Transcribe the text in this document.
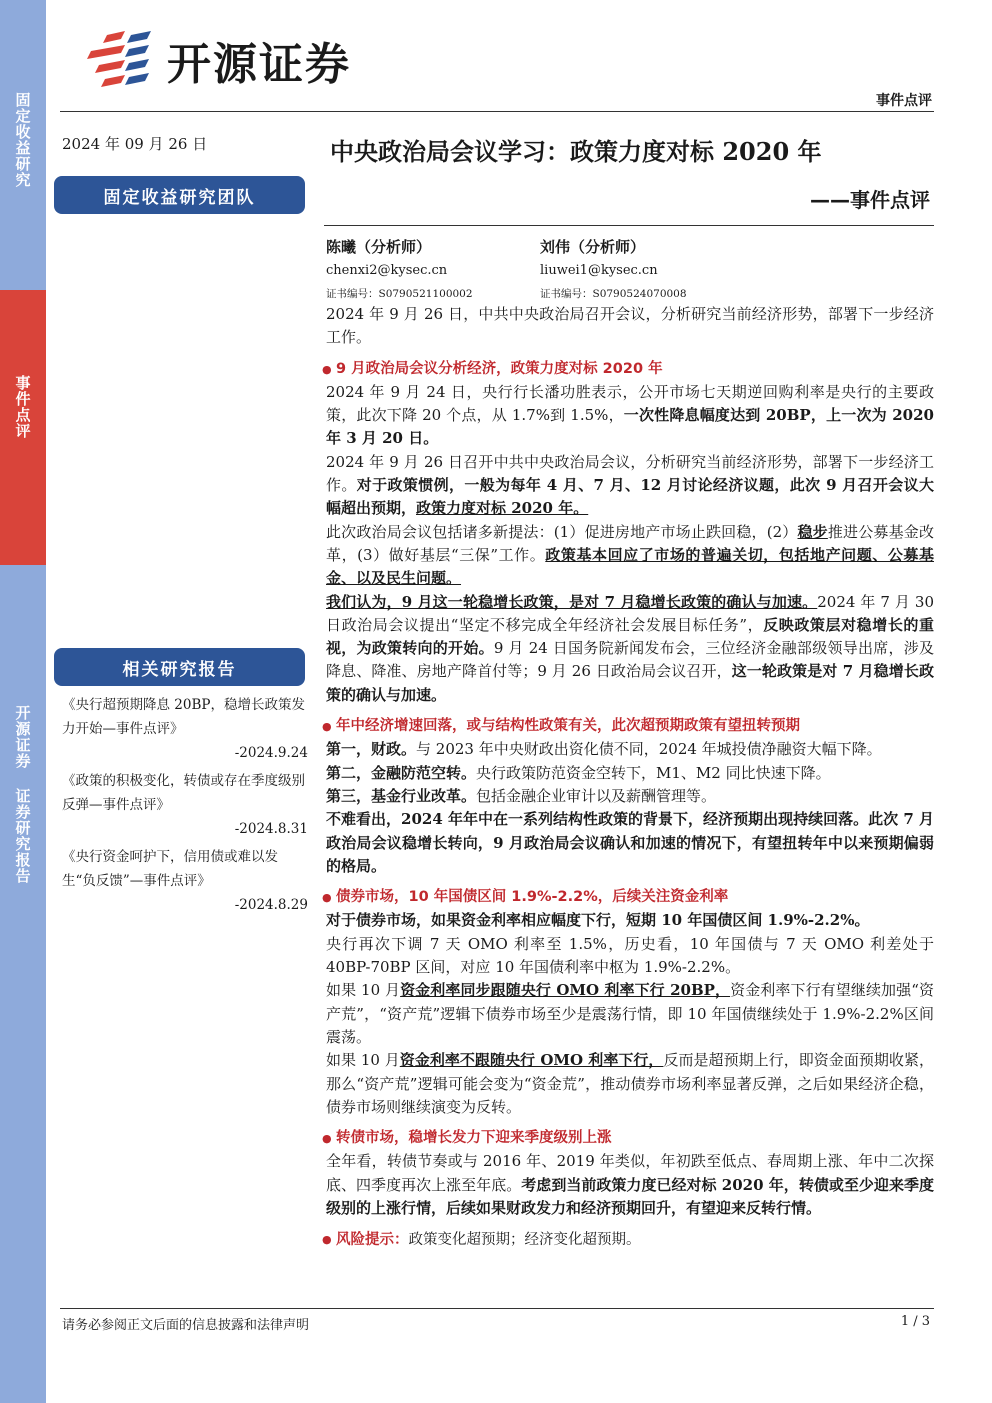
固定收益研究
事件点评
开源证券 证券研究报告
开源证券
事件点评
2024 年 09 月 26 日
固定收益研究团队
中央政治局会议学习：政策力度对标 2020 年
——事件点评
陈曦（分析师）
chenxi2@kysec.cn
证书编号：S0790521100002
刘伟（分析师）
liuwei1@kysec.cn
证书编号：S0790524070008
相关研究报告

《央行超预期降息 20BP，稳增长政策发力开始—事件点评》
-2024.9.24

《政策的积极变化，转债或存在季度级别反弹—事件点评》
-2024.8.31

《央行资金呵护下，信用债或难以发生“负反馈”—事件点评》
-2024.8.29

2024 年 9 月 26 日，中共中央政治局召开会议，分析研究当前经济形势，部署下一步经济工作。

● 9 月政治局会议分析经济，政策力度对标 2020 年

2024 年 9 月 24 日，央行行长潘功胜表示，公开市场七天期逆回购利率是央行的主要政策，此次下降 20 个点，从 1.7%到 1.5%，一次性降息幅度达到 20BP，上一次为 2020 年 3 月 20 日。

2024 年 9 月 26 日召开中共中央政治局会议，分析研究当前经济形势，部署下一步经济工作。对于政策惯例，一般为每年 4 月、7 月、12 月讨论经济议题，此次 9 月召开会议大幅超出预期，政策力度对标 2020 年。

此次政治局会议包括诸多新提法：(1）促进房地产市场止跌回稳，(2）稳步推进公募基金改革，(3）做好基层“三保”工作。政策基本回应了市场的普遍关切，包括地产问题、公募基金、以及民生问题。

我们认为，9 月这一轮稳增长政策，是对 7 月稳增长政策的确认与加速。2024 年 7 月 30 日政治局会议提出“坚定不移完成全年经济社会发展目标任务”，反映政策层对稳增长的重视，为政策转向的开始。9 月 24 日国务院新闻发布会，三位经济金融部级领导出席，涉及降息、降准、房地产降首付等；9 月 26 日政治局会议召开，这一轮政策是对 7 月稳增长政策的确认与加速。

● 年中经济增速回落，或与结构性政策有关，此次超预期政策有望扭转预期

第一，财政。与 2023 年中央财政出资化债不同，2024 年城投债净融资大幅下降。

第二，金融防范空转。央行政策防范资金空转下，M1、M2 同比快速下降。

第三，基金行业改革。包括金融企业审计以及薪酬管理等。

不难看出，2024 年年中在一系列结构性政策的背景下，经济预期出现持续回落。此次 7 月政治局会议稳增长转向，9 月政治局会议确认和加速的情况下，有望扭转年中以来预期偏弱的格局。

● 债券市场，10 年国债区间 1.9%-2.2%，后续关注资金利率

对于债券市场，如果资金利率相应幅度下行，短期 10 年国债区间 1.9%-2.2%。

央行再次下调 7 天 OMO 利率至 1.5%，历史看，10 年国债与 7 天 OMO 利差处于 40BP-70BP 区间，对应 10 年国债利率中枢为 1.9%-2.2%。

如果 10 月资金利率同步跟随央行 OMO 利率下行 20BP，资金利率下行有望继续加强“资产荒”，“资产荒”逻辑下债券市场至少是震荡行情，即 10 年国债继续处于 1.9%-2.2%区间震荡。

如果 10 月资金利率不跟随央行 OMO 利率下行，反而是超预期上行，即资金面预期收紧，那么“资产荒”逻辑可能会变为“资金荒”，推动债券市场利率显著反弹，之后如果经济企稳，债券市场则继续演变为反转。

● 转债市场，稳增长发力下迎来季度级别上涨

全年看，转债节奏或与 2016 年、2019 年类似，年初跌至低点、春周期上涨、年中二次探底、四季度再次上涨至年底。考虑到当前政策力度已经对标 2020 年，转债或至少迎来季度级别的上涨行情，后续如果财政发力和经济预期回升，有望迎来反转行情。

● 风险提示：政策变化超预期；经济变化超预期。

请务必参阅正文后面的信息披露和法律声明	1 / 3
